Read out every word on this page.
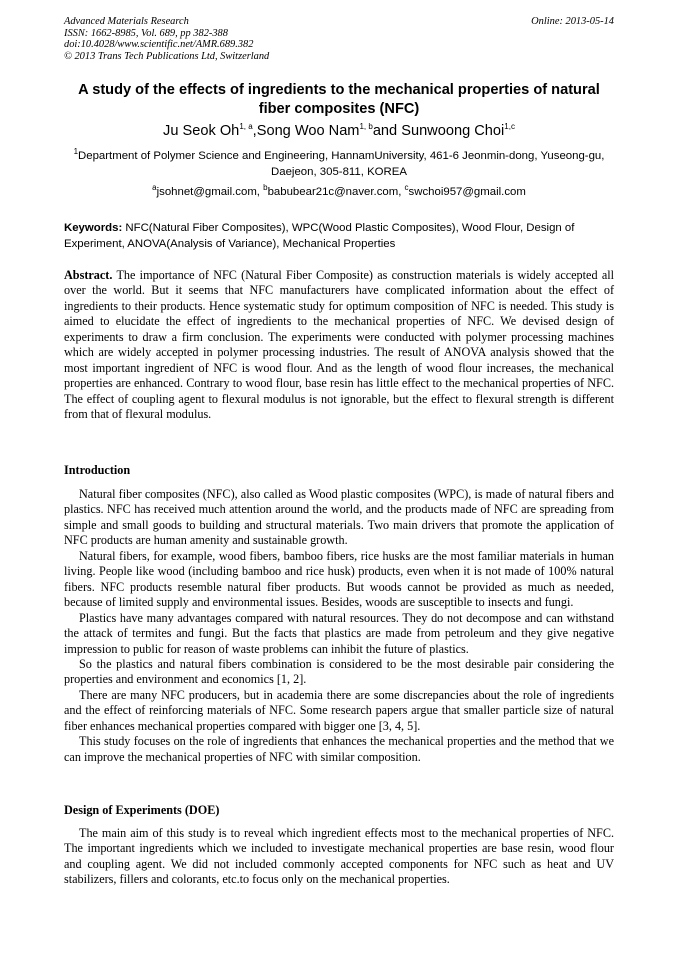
Advanced Materials Research
ISSN: 1662-8985, Vol. 689, pp 382-388
doi:10.4028/www.scientific.net/AMR.689.382
© 2013 Trans Tech Publications Ltd, Switzerland
Online: 2013-05-14
A study of the effects of ingredients to the mechanical properties of natural fiber composites (NFC)
Ju Seok Oh$^{1, a}$,Song Woo Nam$^{1, b}$and Sunwoong Choi$^{1,c}$
$^1$Department of Polymer Science and Engineering, HannamUniversity, 461-6 Jeonmin-dong, Yuseong-gu, Daejeon, 305-811, KOREA
$^a$jsohnet@gmail.com, $^b$babubear21c@naver.com, $^c$swchoi957@gmail.com
Keywords: NFC(Natural Fiber Composites), WPC(Wood Plastic Composites), Wood Flour, Design of Experiment, ANOVA(Analysis of Variance), Mechanical Properties
Abstract. The importance of NFC (Natural Fiber Composite) as construction materials is widely accepted all over the world. But it seems that NFC manufacturers have complicated information about the effect of ingredients to their products. Hence systematic study for optimum composition of NFC is needed. This study is aimed to elucidate the effect of ingredients to the mechanical properties of NFC. We devised design of experiments to draw a firm conclusion. The experiments were conducted with polymer processing machines which are widely accepted in polymer processing industries. The result of ANOVA analysis showed that the most important ingredient of NFC is wood flour. And as the length of wood flour increases, the mechanical properties are enhanced. Contrary to wood flour, base resin has little effect to the mechanical properties of NFC. The effect of coupling agent to flexural modulus is not ignorable, but the effect to flexural strength is different from that of flexural modulus.
Introduction

Natural fiber composites (NFC), also called as Wood plastic composites (WPC), is made of natural fibers and plastics. NFC has received much attention around the world, and the products made of NFC are spreading from simple and small goods to building and structural materials. Two main drivers that promote the application of NFC products are human amenity and sustainable growth.

Natural fibers, for example, wood fibers, bamboo fibers, rice husks are the most familiar materials in human living. People like wood (including bamboo and rice husk) products, even when it is not made of 100% natural fibers. NFC products resemble natural fiber products. But woods cannot be provided as much as needed, because of limited supply and environmental issues. Besides, woods are susceptible to insects and fungi.

Plastics have many advantages compared with natural resources. They do not decompose and can withstand the attack of termites and fungi. But the facts that plastics are made from petroleum and they give negative impression to public for reason of waste problems can inhibit the future of plastics.

So the plastics and natural fibers combination is considered to be the most desirable pair considering the properties and environment and economics [1, 2].

There are many NFC producers, but in academia there are some discrepancies about the role of ingredients and the effect of reinforcing materials of NFC. Some research papers argue that smaller particle size of natural fiber enhances mechanical properties compared with bigger one [3, 4, 5].

This study focuses on the role of ingredients that enhances the mechanical properties and the method that we can improve the mechanical properties of NFC with similar composition.

Design of Experiments (DOE)

The main aim of this study is to reveal which ingredient effects most to the mechanical properties of NFC. The important ingredients which we included to investigate mechanical properties are base resin, wood flour and coupling agent. We did not included commonly accepted components for NFC such as heat and UV stabilizers, fillers and colorants, etc.to focus only on the mechanical properties.
